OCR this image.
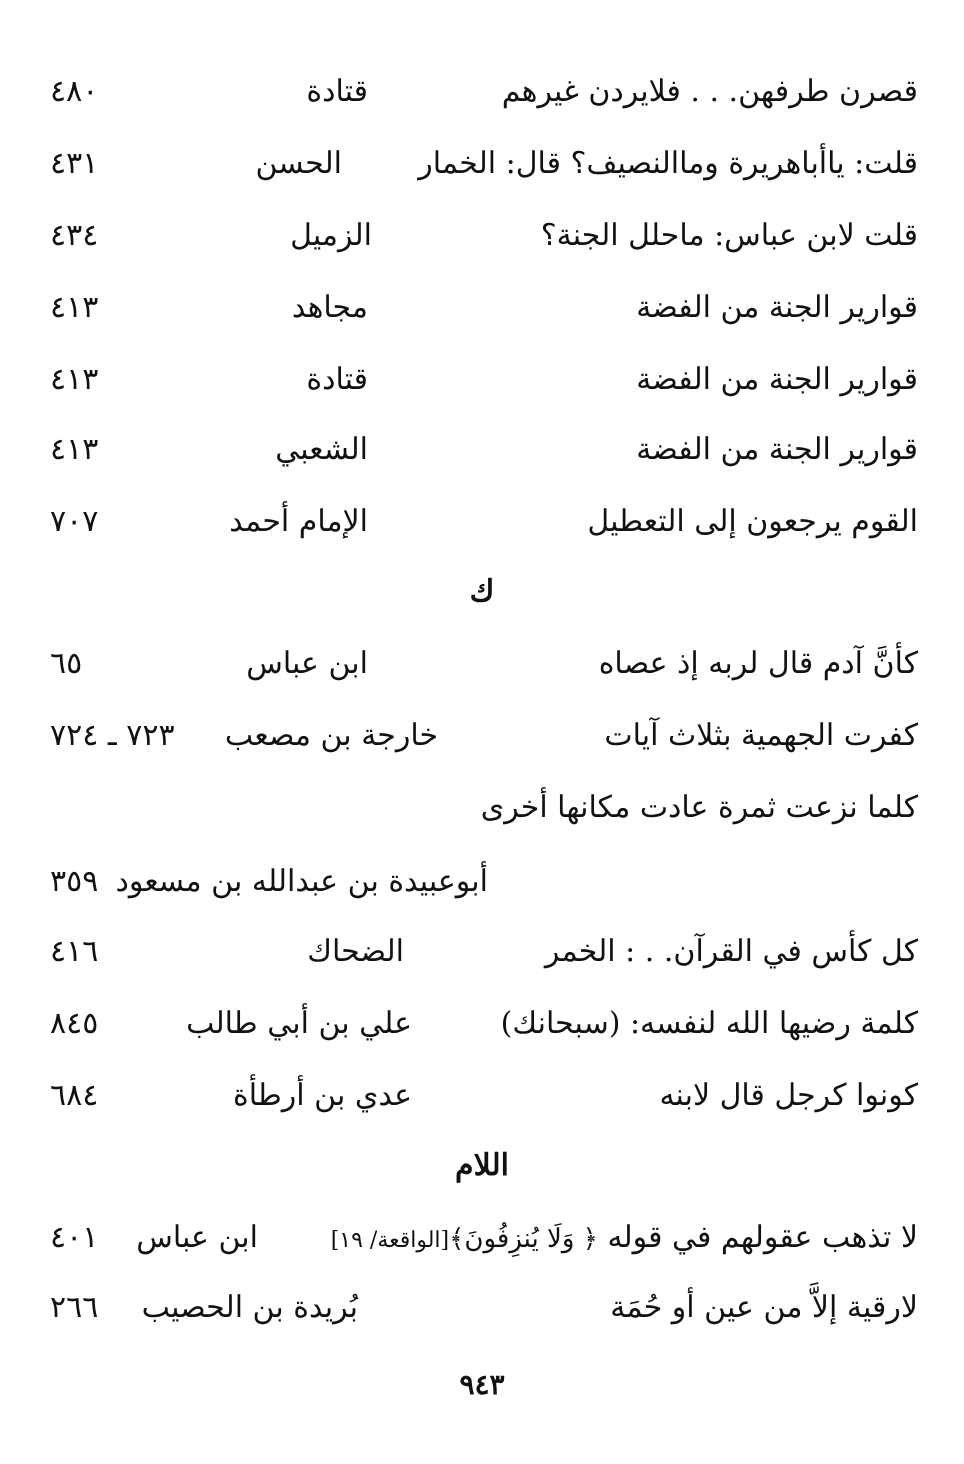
قصرن طرفهن. . . فلايردن غيرهم
قتادة
٤٨٠
قلت: ياأباهريرة وماالنصيف؟ قال: الخمار
الحسن
٤٣١
قلت لابن عباس: ماحلل الجنة؟
الزميل
٤٣٤
قوارير الجنة من الفضة
مجاهد
٤١٣
قوارير الجنة من الفضة
قتادة
٤١٣
قوارير الجنة من الفضة
الشعبي
٤١٣
القوم يرجعون إلى التعطيل
الإمام أحمد
٧٠٧
ك
كأنَّ آدم قال لربه إذ عصاه
ابن عباس
٦٥
كفرت الجهمية بثلاث آيات
خارجة بن مصعب
٧٢٣ ـ ٧٢٤
كلما نزعت ثمرة عادت مكانها أخرى
أبوعبيدة بن عبدالله بن مسعود
٣٥٩
كل كأس في القرآن. . : الخمر
الضحاك
٤١٦
كلمة رضيها الله لنفسه: (سبحانك)
علي بن أبي طالب
٨٤٥
كونوا كرجل قال لابنه
عدي بن أرطأة
٦٨٤
اللام
لا تذهب عقولهم في قوله ﴿ وَلَا يُنزِفُونَ﴾[الواقعة/ ١٩]
ابن عباس
٤٠١
لارقية إلاَّ من عين أو حُمَة
بُريدة بن الحصيب
٢٦٦
٩٤٣
